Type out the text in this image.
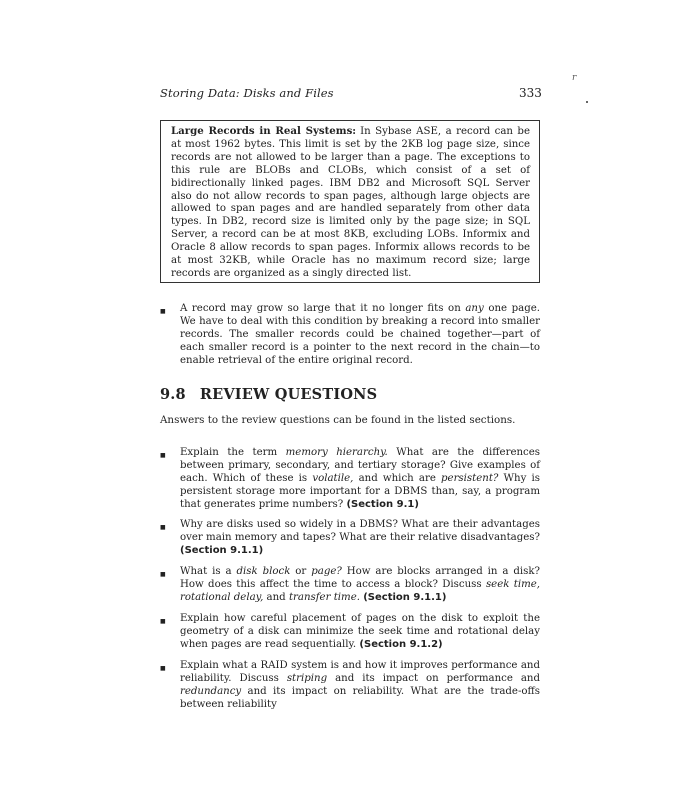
Storing Data: Disks and Files	333
r
Large Records in Real Systems: In Sybase ASE, a record can be at most 1962 bytes. This limit is set by the 2KB log page size, since records are not allowed to be larger than a page. The exceptions to this rule are BLOBs and CLOBs, which consist of a set of bidirectionally linked pages. IBM DB2 and Microsoft SQL Server also do not allow records to span pages, although large objects are allowed to span pages and are handled separately from other data types. In DB2, record size is limited only by the page size; in SQL Server, a record can be at most 8KB, excluding LOBs. Informix and Oracle 8 allow records to span pages. Informix allows records to be at most 32KB, while Oracle has no maximum record size; large records are organized as a singly directed list.
■	A record may grow so large that it no longer fits on any one page. We have to deal with this condition by breaking a record into smaller records. The smaller records could be chained together—part of each smaller record is a pointer to the next record in the chain—to enable retrieval of the entire original record.
9.8 REVIEW QUESTIONS
Answers to the review questions can be found in the listed sections.
■	Explain the term memory hierarchy. What are the differences between primary, secondary, and tertiary storage? Give examples of each. Which of these is volatile, and which are persistent? Why is persistent storage more important for a DBMS than, say, a program that generates prime numbers? (Section 9.1)
■	Why are disks used so widely in a DBMS? What are their advantages over main memory and tapes? What are their relative disadvantages? (Section 9.1.1)
■	What is a disk block or page? How are blocks arranged in a disk? How does this affect the time to access a block? Discuss seek time, rotational delay, and transfer time. (Section 9.1.1)
■	Explain how careful placement of pages on the disk to exploit the geometry of a disk can minimize the seek time and rotational delay when pages are read sequentially. (Section 9.1.2)
■	Explain what a RAID system is and how it improves performance and reliability. Discuss striping and its impact on performance and redundancy and its impact on reliability. What are the trade-offs between reliability
